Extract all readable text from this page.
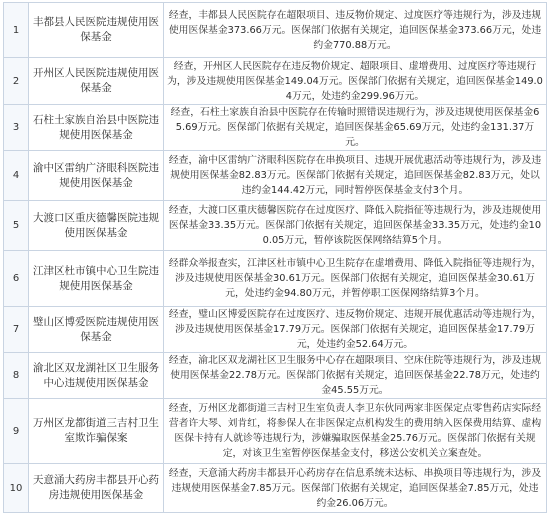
1	丰都县人民医院违规使用医保基金	经查，丰都县人民医院存在超限项目、违反物价规定、过度医疗等违规行为，涉及违规使用医保基金373.66万元。医保部门依据有关规定，追回医保基金373.66万元，处违约金770.88万元。
2	开州区人民医院违规使用医保基金	经查，开州区人民医院存在违反物价规定、超限项目、虚增费用、过度医疗等违规行为，涉及违规使用医保基金149.04万元。医保部门依据有关规定，追回医保基金149.04万元，处违约金299.96万元。
3	石柱土家族自治县中医院违规使用医保基金	经查，石柱土家族自治县中医院存在传输时照错误违规行为，涉及违规使用医保基金65.69万元。医保部门依据有关规定，追回医保基金65.69万元，处违约金131.37万元。
4	渝中区雷纳广济眼科医院违规使用医保基金	经查，渝中区雷纳广济眼科医院存在串换项目、违规开展优惠活动等违规行为，涉及违规使用医保基金82.83万元。医保部门依据有关规定，追回医保基金82.83万元，处以违约金144.42万元，同时暂停医保基金支付3个月。
5	大渡口区重庆德馨医院违规使用医保基金	经查，大渡口区重庆德馨医院存在过度医疗、降低入院指征等违规行为，涉及违规使用医保基金33.35万元。医保部门依据有关规定，追回医保基金33.35万元，处违约金100.05万元，暂停该院医保网络结算5个月。
6	江津区杜市镇中心卫生院违规使用医保基金	经群众举报查实，江津区杜市镇中心卫生院存在虚增费用、降低入院指征等违规行为，涉及违规使用医保基金30.61万元。医保部门依据有关规定，追回医保基金30.61万元，处违约金94.80万元，并暂停职工医保网络结算3个月。
7	璧山区博爱医院违规使用医保基金	经查，璧山区博爱医院存在过度医疗、违反物价规定、违规开展优惠活动等违规行为，涉及违规使用医保基金17.79万元。医保部门依据有关规定，追回医保基金17.79万元，处违约金52.64万元。
8	渝北区双龙湖社区卫生服务中心违规使用医保基金	经查，渝北区双龙湖社区卫生服务中心存在超限项目、空床住院等违规行为，涉及违规使用医保基金22.78万元。医保部门依据有关规定，追回医保基金22.78万元，处违约金45.55万元。
9	万州区龙都街道三吉村卫生室欺诈骗保案	经查，万州区龙都街道三吉村卫生室负责人李卫东伙同两家非医保定点零售药店实际经营者许大琴、刘肯红，将参保人在非医保定点机构发生的费用纳入医保费用结算、虚构医保卡持有人就诊等违规行为，涉嫌骗取医保基金25.76万元。医保部门依据有关规定，对该卫生室暂停医保基金支付，移送公安机关立案查处。
10	天意涌大药房丰都县开心药房违规使用医保基金	经查，天意涌大药房丰都县开心药房存在信息系统未达标、串换项目等违规行为，涉及违规使用医保基金7.85万元。医保部门依据有关规定，追回医保基金7.85万元，处违约金26.06万元。
